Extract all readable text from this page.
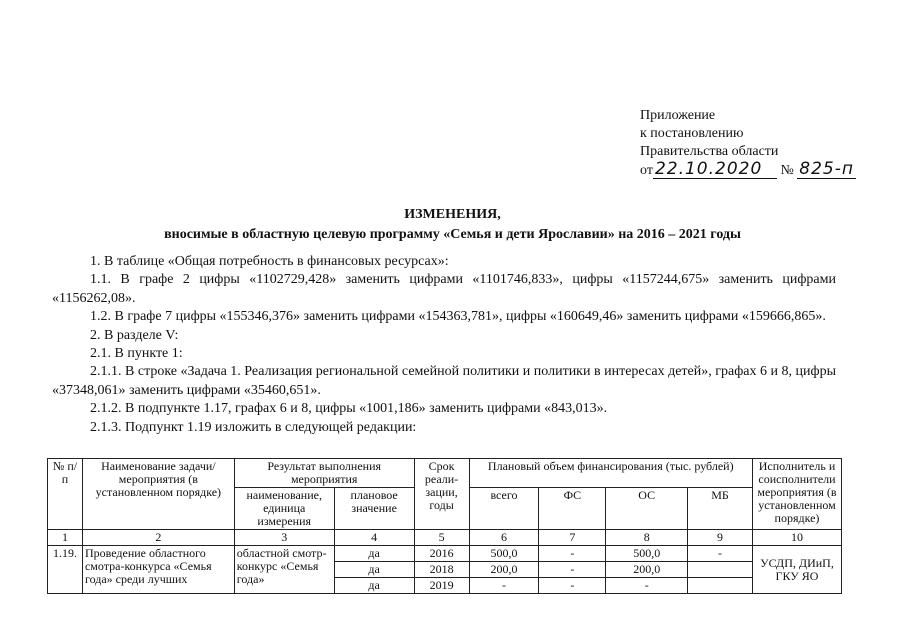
Приложение
к постановлению
Правительства области
от 22.10.2020 № 825-п
ИЗМЕНЕНИЯ,
вносимые в областную целевую программу «Семья и дети Ярославии» на 2016 – 2021 годы

1. В таблице «Общая потребность в финансовых ресурсах»:

1.1. В графе 2 цифры «1102729,428» заменить цифрами «1101746,833», цифры «1157244,675» заменить цифрами «1156262,08».

1.2. В графе 7 цифры «155346,376» заменить цифрами «154363,781», цифры «160649,46» заменить цифрами «159666,865».

2. В разделе V:

2.1. В пункте 1:

2.1.1. В строке «Задача 1. Реализация региональной семейной политики и политики в интересах детей», графах 6 и 8, цифры «37348,061» заменить цифрами «35460,651».

2.1.2. В подпункте 1.17, графах 6 и 8, цифры «1001,186» заменить цифрами «843,013».

2.1.3. Подпункт 1.19 изложить в следующей редакции:

№ п/п	Наименование задачи/мероприятия (в установленном порядке)	Результат выполнения мероприятия		Срок реали-зации, годы	Плановый объем финансирования (тыс. рублей)				Исполнитель и соисполнители мероприятия (в установленном порядке)
		наименование, единица измерения	плановое значение		всего	ФС	ОС	МБ	
1	2	3	4	5	6	7	8	9	10
1.19.	Проведение областного смотра-конкурса «Семья года» среди лучших	областной смотр-конкурс «Семья года»	да	2016	500,0	-	500,0	-	УСДП, ДИиП, ГКУ ЯО
			да	2018	200,0	-	200,0		
			да	2019	-	-	-		
